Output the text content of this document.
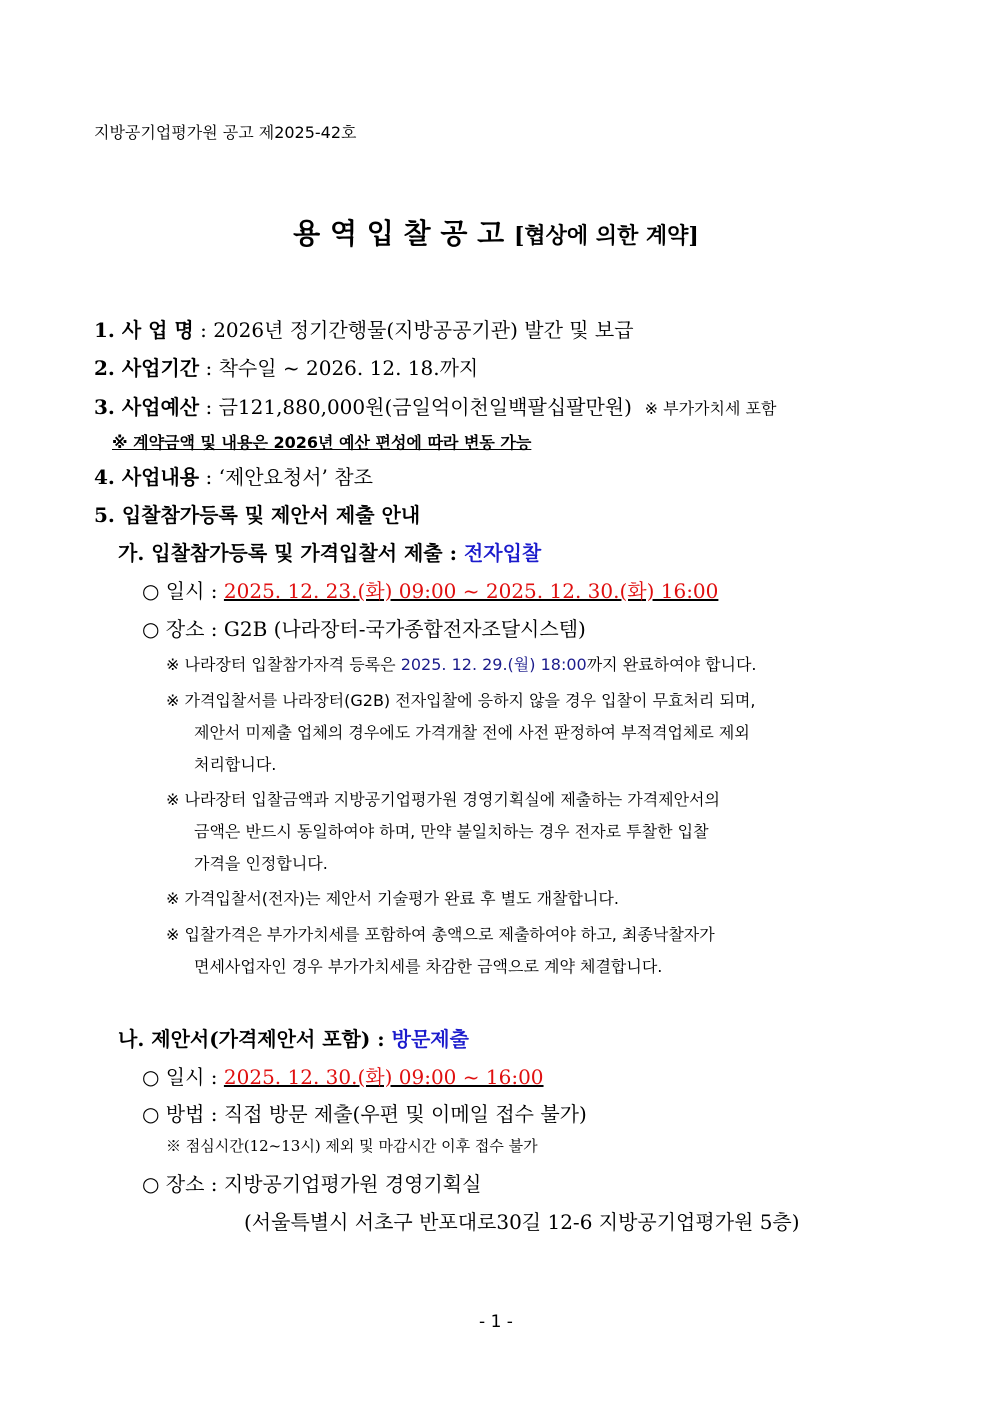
지방공기업평가원 공고 제2025-42호
용 역 입 찰 공 고 [협상에 의한 계약]
1. 사 업 명 : 2026년 정기간행물(지방공공기관) 발간 및 보급
2. 사업기간 : 착수일 ~ 2026. 12. 18.까지
3. 사업예산 : 금121,880,000원(금일억이천일백팔십팔만원) ※ 부가가치세 포함
※ 계약금액 및 내용은 2026년 예산 편성에 따라 변동 가능
4. 사업내용 : ‘제안요청서’ 참조
5. 입찰참가등록 및 제안서 제출 안내
가. 입찰참가등록 및 가격입찰서 제출 : 전자입찰
○ 일시 : 2025. 12. 23.(화) 09:00 ~ 2025. 12. 30.(화) 16:00
○ 장소 : G2B (나라장터-국가종합전자조달시스템)
※ 나라장터 입찰참가자격 등록은 2025. 12. 29.(월) 18:00까지 완료하여야 합니다.
※ 가격입찰서를 나라장터(G2B) 전자입찰에 응하지 않을 경우 입찰이 무효처리 되며,
제안서 미제출 업체의 경우에도 가격개찰 전에 사전 판정하여 부적격업체로 제외
처리합니다.
※ 나라장터 입찰금액과 지방공기업평가원 경영기획실에 제출하는 가격제안서의
금액은 반드시 동일하여야 하며, 만약 불일치하는 경우 전자로 투찰한 입찰
가격을 인정합니다.
※ 가격입찰서(전자)는 제안서 기술평가 완료 후 별도 개찰합니다.
※ 입찰가격은 부가가치세를 포함하여 총액으로 제출하여야 하고, 최종낙찰자가
면세사업자인 경우 부가가치세를 차감한 금액으로 계약 체결합니다.
나. 제안서(가격제안서 포함) : 방문제출
○ 일시 : 2025. 12. 30.(화) 09:00 ~ 16:00
○ 방법 : 직접 방문 제출(우편 및 이메일 접수 불가)
※ 점심시간(12~13시) 제외 및 마감시간 이후 접수 불가
○ 장소 : 지방공기업평가원 경영기획실
(서울특별시 서초구 반포대로30길 12-6 지방공기업평가원 5층)
- 1 -
